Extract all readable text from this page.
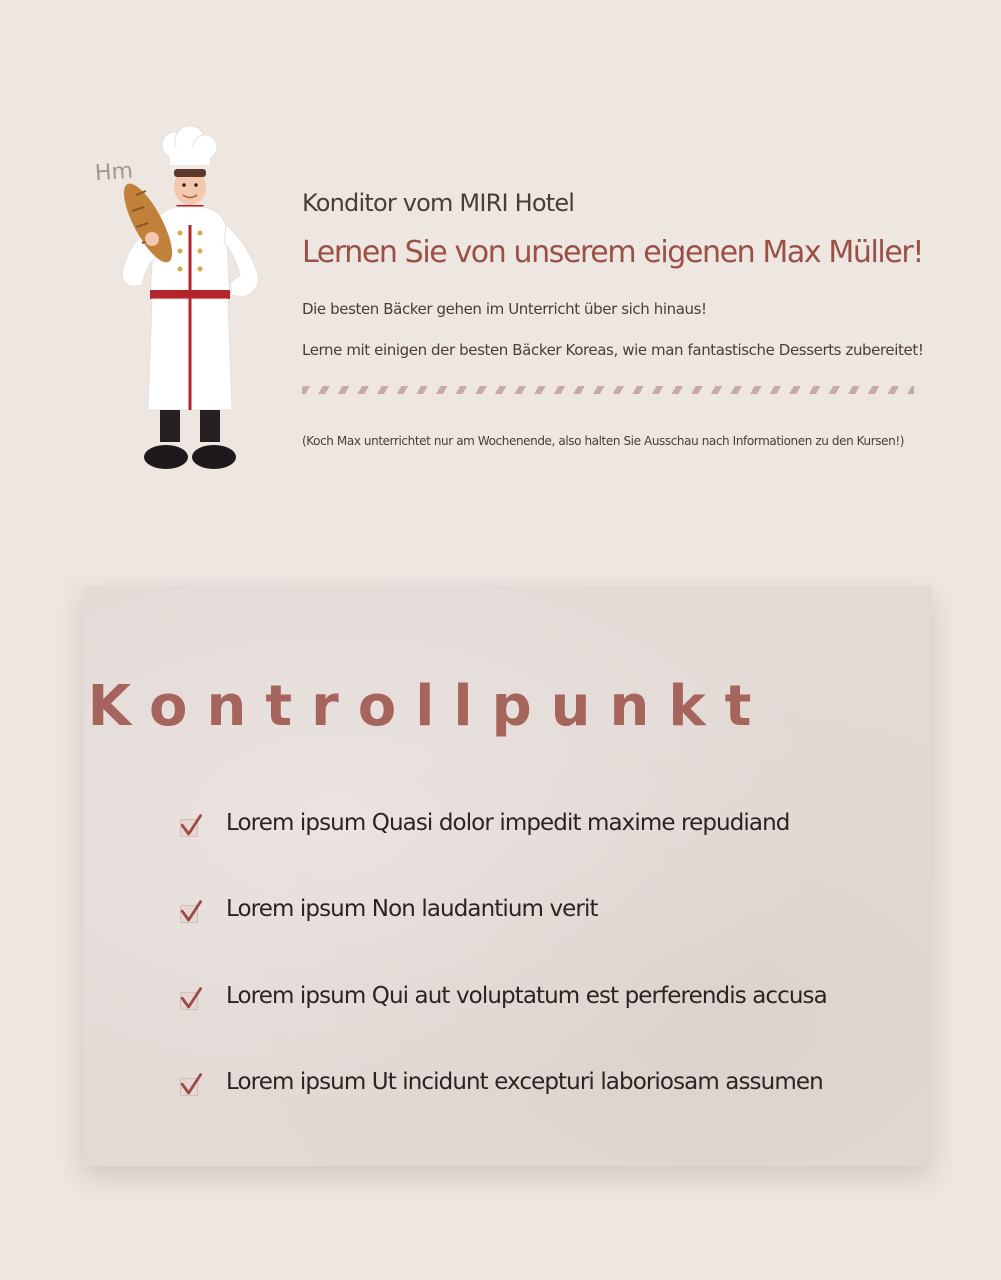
Hm

Konditor vom MIRI Hotel

Lernen Sie von unserem eigenen Max Müller!

Die besten Bäcker gehen im Unterricht über sich hinaus!

Lerne mit einigen der besten Bäcker Koreas, wie man fantastische Desserts zubereitet!

(Koch Max unterrichtet nur am Wochenende, also halten Sie Ausschau nach Informationen zu den Kursen!)
Kontrollpunkt
Lorem ipsum Quasi dolor impedit maxime repudiand
Lorem ipsum Non laudantium verit
Lorem ipsum Qui aut voluptatum est perferendis accusa
Lorem ipsum Ut incidunt excepturi laboriosam assumen
